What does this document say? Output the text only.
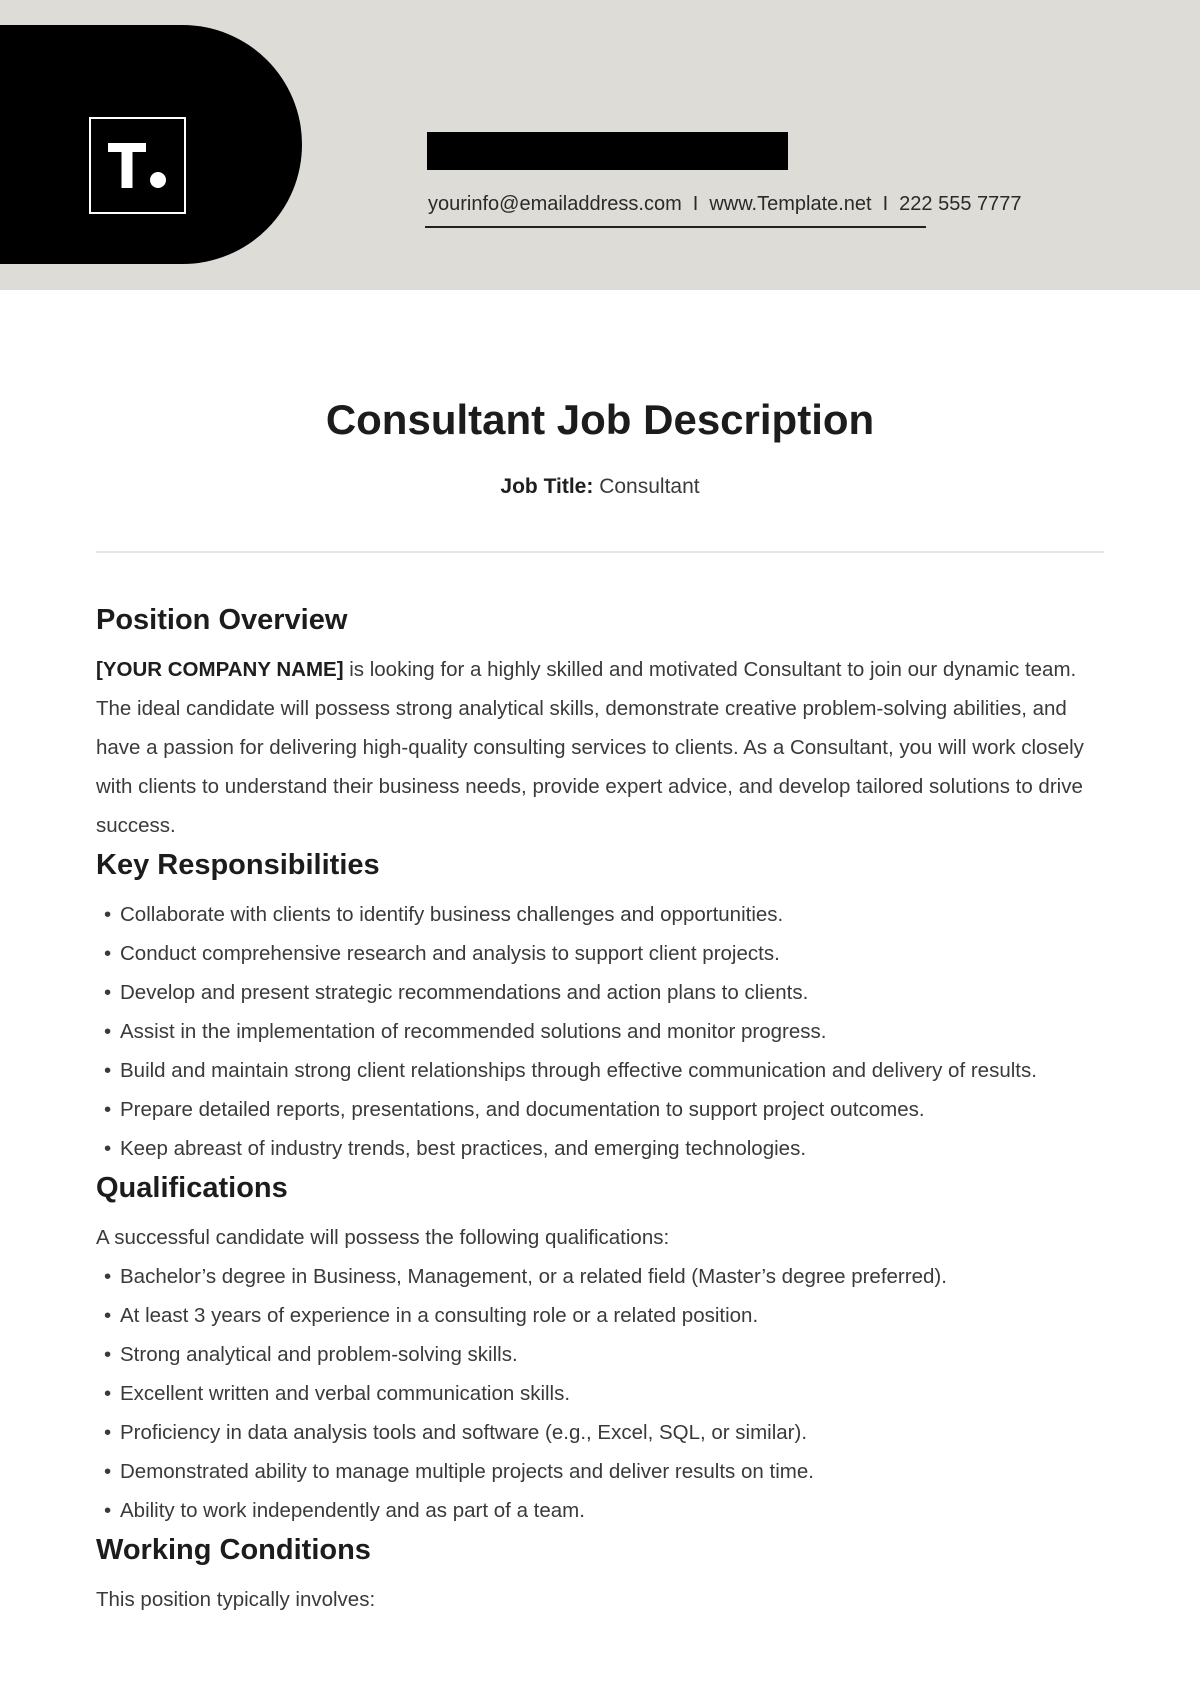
yourinfo@emailaddress.com I www.Template.net I 222 555 7777
Consultant Job Description
Job Title: Consultant
Position Overview

[YOUR COMPANY NAME] is looking for a highly skilled and motivated Consultant to join our dynamic team. The ideal candidate will possess strong analytical skills, demonstrate creative problem-solving abilities, and have a passion for delivering high-quality consulting services to clients. As a Consultant, you will work closely with clients to understand their business needs, provide expert advice, and develop tailored solutions to drive success.

Key Responsibilities
• Collaborate with clients to identify business challenges and opportunities.
• Conduct comprehensive research and analysis to support client projects.
• Develop and present strategic recommendations and action plans to clients.
• Assist in the implementation of recommended solutions and monitor progress.
• Build and maintain strong client relationships through effective communication and delivery of results.
• Prepare detailed reports, presentations, and documentation to support project outcomes.
• Keep abreast of industry trends, best practices, and emerging technologies.
Qualifications

A successful candidate will possess the following qualifications:

• Bachelor’s degree in Business, Management, or a related field (Master’s degree preferred).
• At least 3 years of experience in a consulting role or a related position.
• Strong analytical and problem-solving skills.
• Excellent written and verbal communication skills.
• Proficiency in data analysis tools and software (e.g., Excel, SQL, or similar).
• Demonstrated ability to manage multiple projects and deliver results on time.
• Ability to work independently and as part of a team.
Working Conditions

This position typically involves:
